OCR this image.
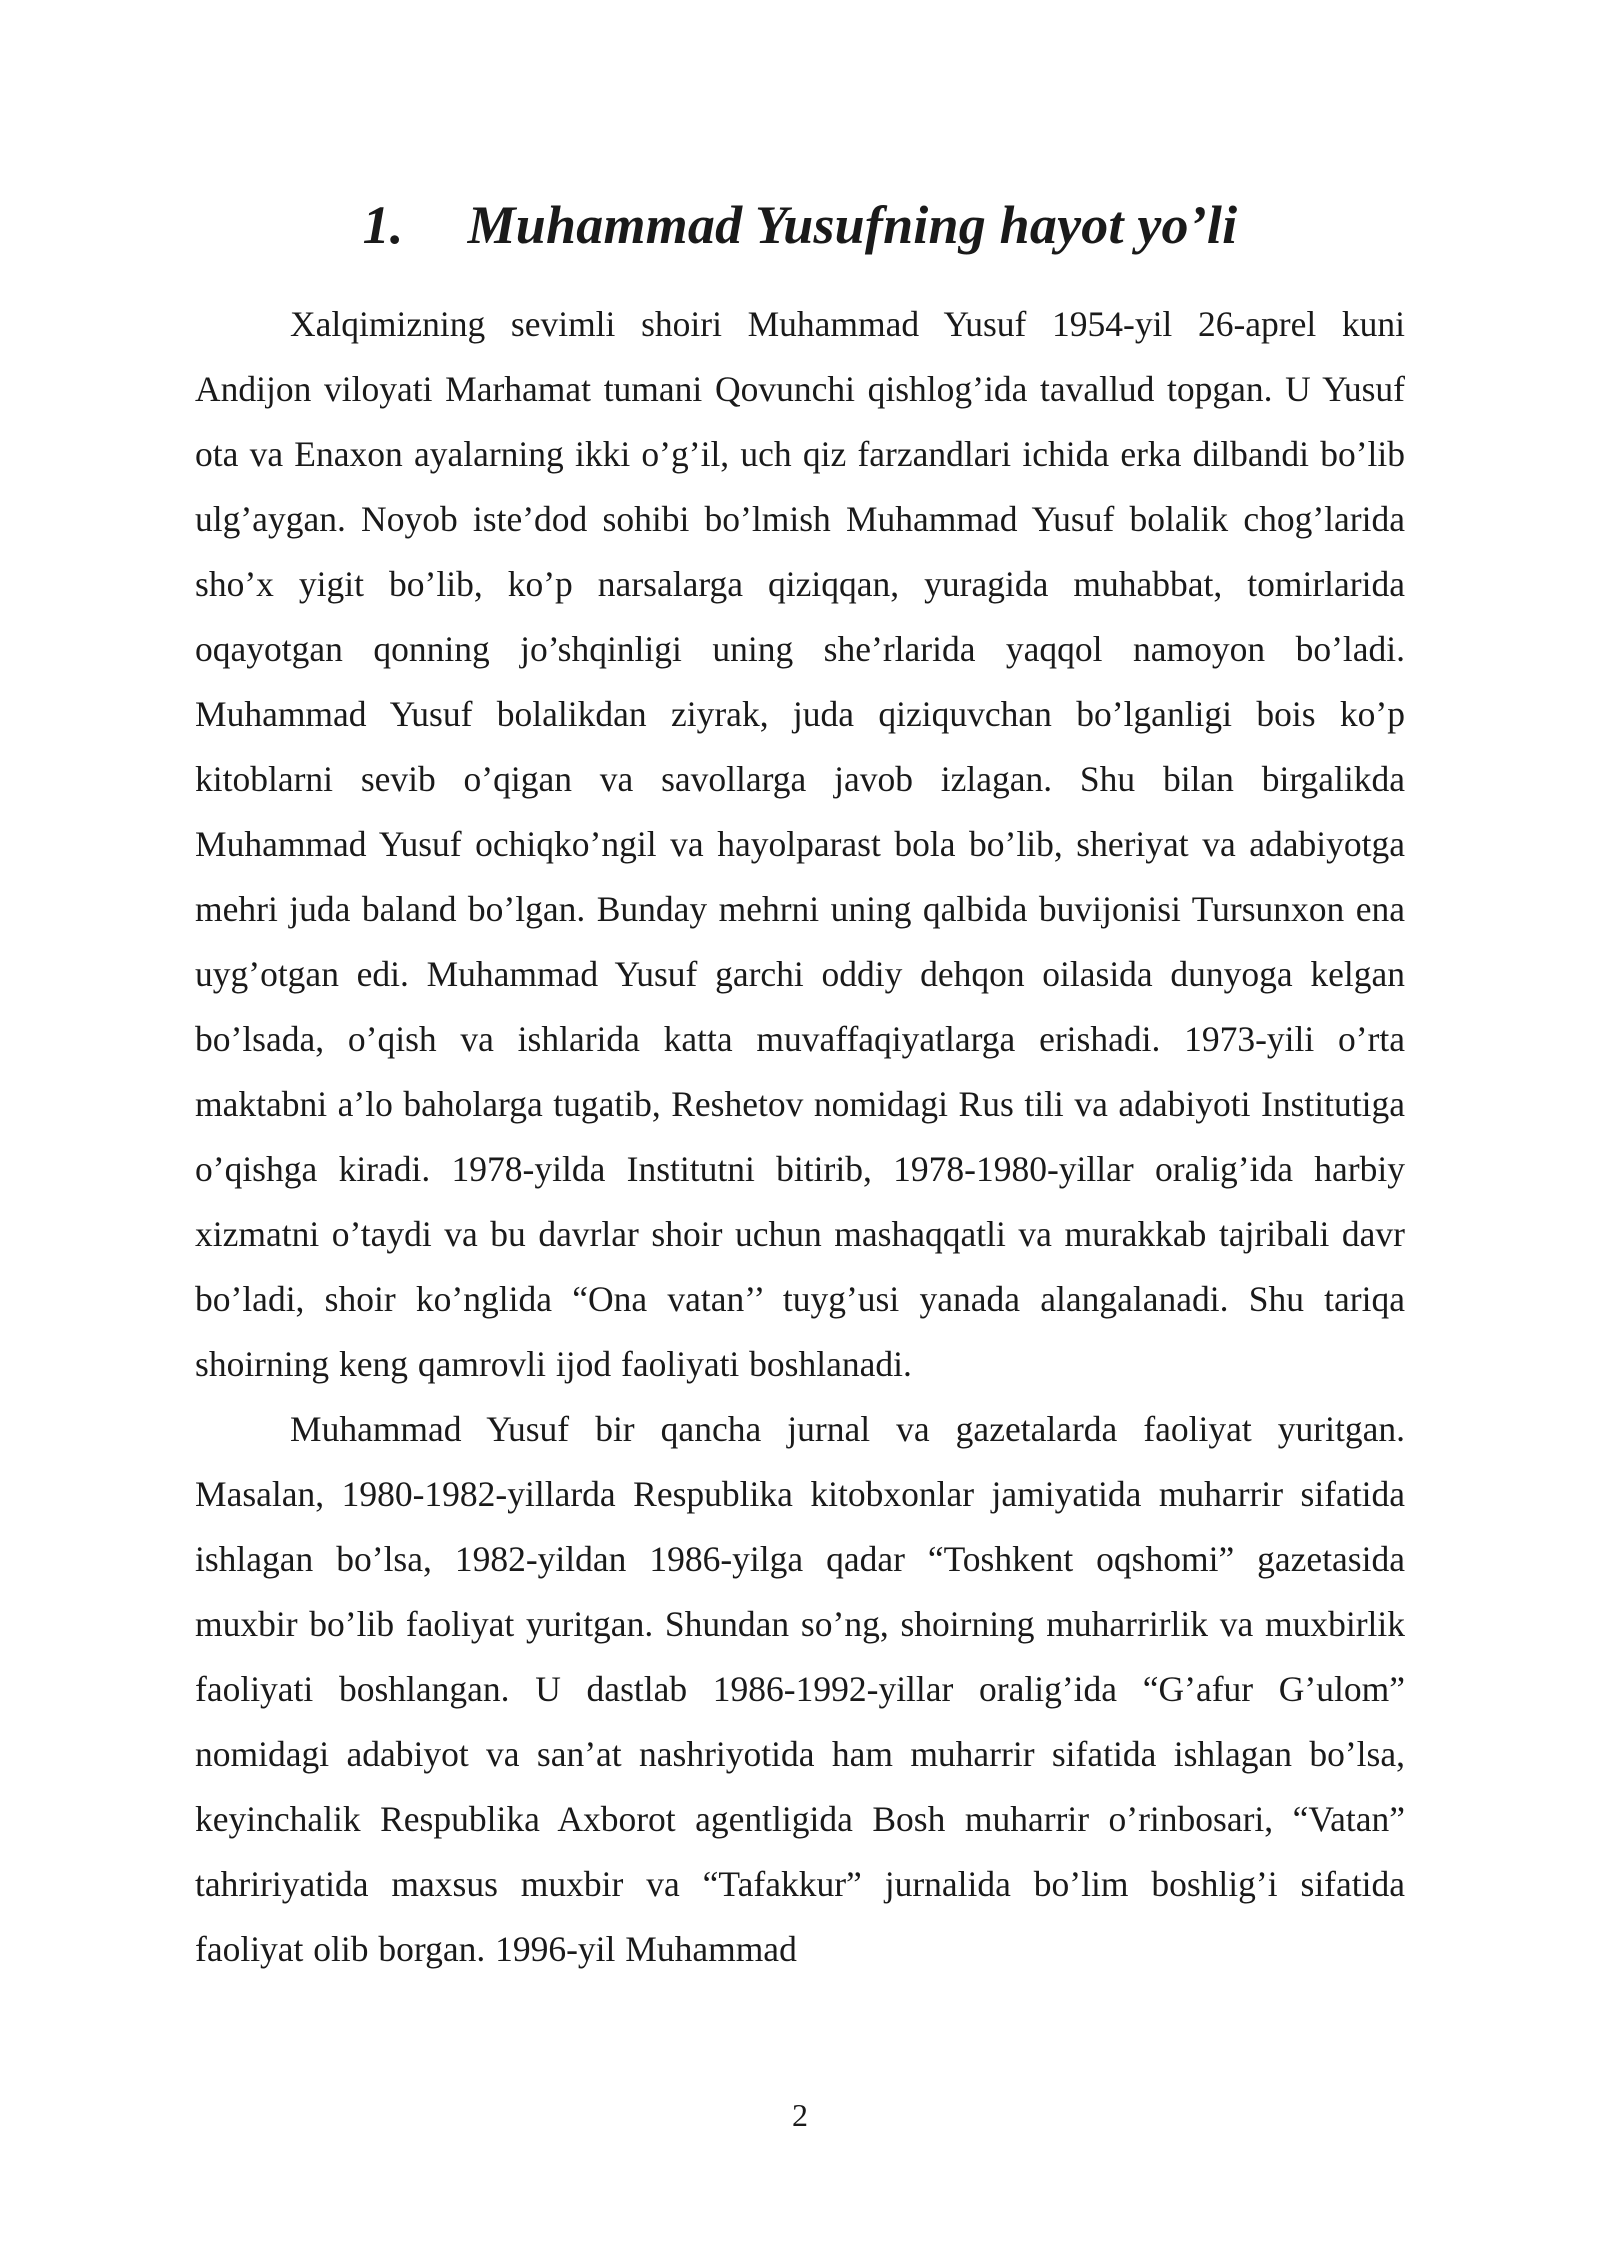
1. Muhammad Yusufning hayot yo’li

Xalqimizning sevimli shoiri Muhammad Yusuf 1954-yil 26-aprel kuni Andijon viloyati Marhamat tumani Qovunchi qishlog’ida tavallud topgan. U Yusuf ota va Enaxon ayalarning ikki o’g’il, uch qiz farzandlari ichida erka dilbandi bo’lib ulg’aygan. Noyob iste’dod sohibi bo’lmish Muhammad Yusuf bolalik chog’larida sho’x yigit bo’lib, ko’p narsalarga qiziqqan, yuragida muhabbat, tomirlarida oqayotgan qonning jo’shqinligi uning she’rlarida yaqqol namoyon bo’ladi. Muhammad Yusuf bolalikdan ziyrak, juda qiziquvchan bo’lganligi bois ko’p kitoblarni sevib o’qigan va savollarga javob izlagan. Shu bilan birgalikda Muhammad Yusuf ochiqko’ngil va hayolparast bola bo’lib, sheriyat va adabiyotga mehri juda baland bo’lgan. Bunday mehrni uning qalbida buvijonisi Tursunxon ena uyg’otgan edi. Muhammad Yusuf garchi oddiy dehqon oilasida dunyoga kelgan bo’lsada, o’qish va ishlarida katta muvaffaqiyatlarga erishadi. 1973-yili o’rta maktabni a’lo baholarga tugatib, Reshetov nomidagi Rus tili va adabiyoti Institutiga o’qishga kiradi. 1978-yilda Institutni bitirib, 1978-1980-yillar oralig’ida harbiy xizmatni o’taydi va bu davrlar shoir uchun mashaqqatli va murakkab tajribali davr bo’ladi, shoir ko’nglida “Ona vatan’’ tuyg’usi yanada alangalanadi. Shu tariqa shoirning keng qamrovli ijod faoliyati boshlanadi.

Muhammad Yusuf bir qancha jurnal va gazetalarda faoliyat yuritgan. Masalan, 1980-1982-yillarda Respublika kitobxonlar jamiyatida muharrir sifatida ishlagan bo’lsa, 1982-yildan 1986-yilga qadar “Toshkent oqshomi” gazetasida muxbir bo’lib faoliyat yuritgan. Shundan so’ng, shoirning muharrirlik va muxbirlik faoliyati boshlangan. U dastlab 1986-1992-yillar oralig’ida “G’afur G’ulom” nomidagi adabiyot va san’at nashriyotida ham muharrir sifatida ishlagan bo’lsa, keyinchalik Respublika Axborot agentligida Bosh muharrir o’rinbosari, “Vatan” tahririyatida maxsus muxbir va “Tafakkur” jurnalida bo’lim boshlig’i sifatida faoliyat olib borgan. 1996-yil Muhammad

2
